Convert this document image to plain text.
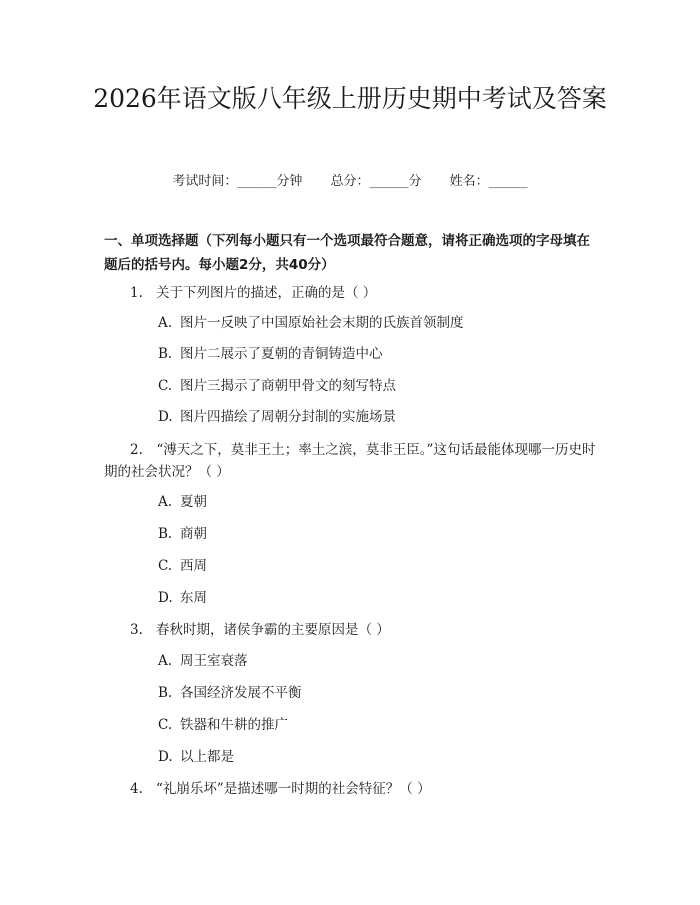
2026年语文版八年级上册历史期中考试及答案
考试时间：______分钟 总分：______分 姓名：______

一、单项选择题（下列每小题只有一个选项最符合题意，请将正确选项的字母填在题后的括号内。每小题2分，共40分）

1. 关于下列图片的描述，正确的是（ ）
A. 图片一反映了中国原始社会末期的氏族首领制度
B. 图片二展示了夏朝的青铜铸造中心
C. 图片三揭示了商朝甲骨文的刻写特点
D. 图片四描绘了周朝分封制的实施场景
2.   “溥天之下，莫非王土；率土之滨，莫非王臣。”这句话最能体现哪一历史时期的社会状况？（ ）
A. 夏朝
B. 商朝
C. 西周
D. 东周
3. 春秋时期，诸侯争霸的主要原因是（ ）
A. 周王室衰落
B. 各国经济发展不平衡
C. 铁器和牛耕的推广
D. 以上都是
4. “礼崩乐坏”是描述哪一时期的社会特征？（ ）
